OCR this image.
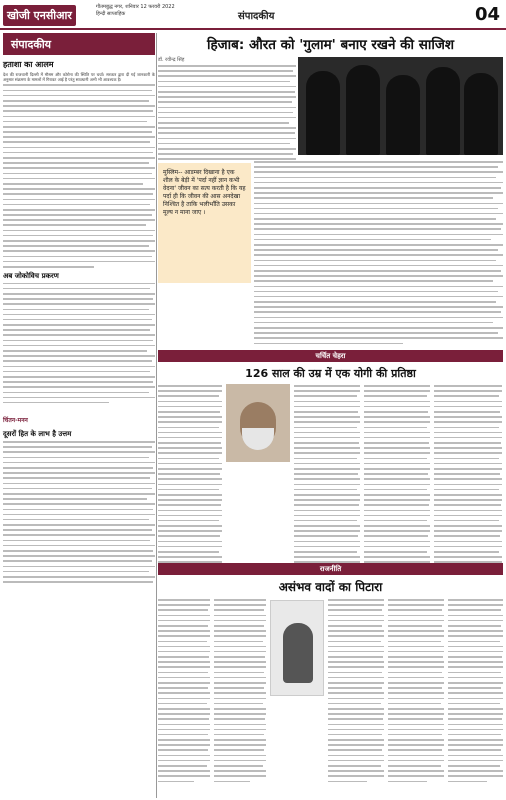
खोजी एनसीआर
गौतमबुद्ध नगर, शनिवार 12 फरवरी 2022
हिन्दी साप्ताहिक	संपादकीय	04
संपादकीय
हताशा का आलम
देश की राजधानी दिल्ली में मौसम और कोरोना की स्थिति पर चर्चा। सरकार द्वारा दी गई जानकारी के अनुसार संक्रमण के मामलों में गिरावट आई है परंतु सावधानी अभी भी आवश्यक है।
अब जोकोविच प्रकरण
चिंतन-मनन
दूसरों हित के लाभ है उत्तम
हिजाब: औरत को 'गुलाम' बनाए रखने की साजिश
डॉ. रवीन्द्र सिंह
मुस्लिम-- आडम्बर दिखाना है एक शील के बेड़ी में 'पर्दा नहीं ज्ञान कभी वेदना' जीवन का सत्य करती है कि यह पर्दा ही कि जीवन की आस अनदेखा निश्चित है ताकि भलीभाँति उसका मूल्य न माना जाए ।
चर्चित चेहरा
126 साल की उम्र में एक योगी की प्रतिष्ठा
राजनीति
असंभव वादों का पिटारा
